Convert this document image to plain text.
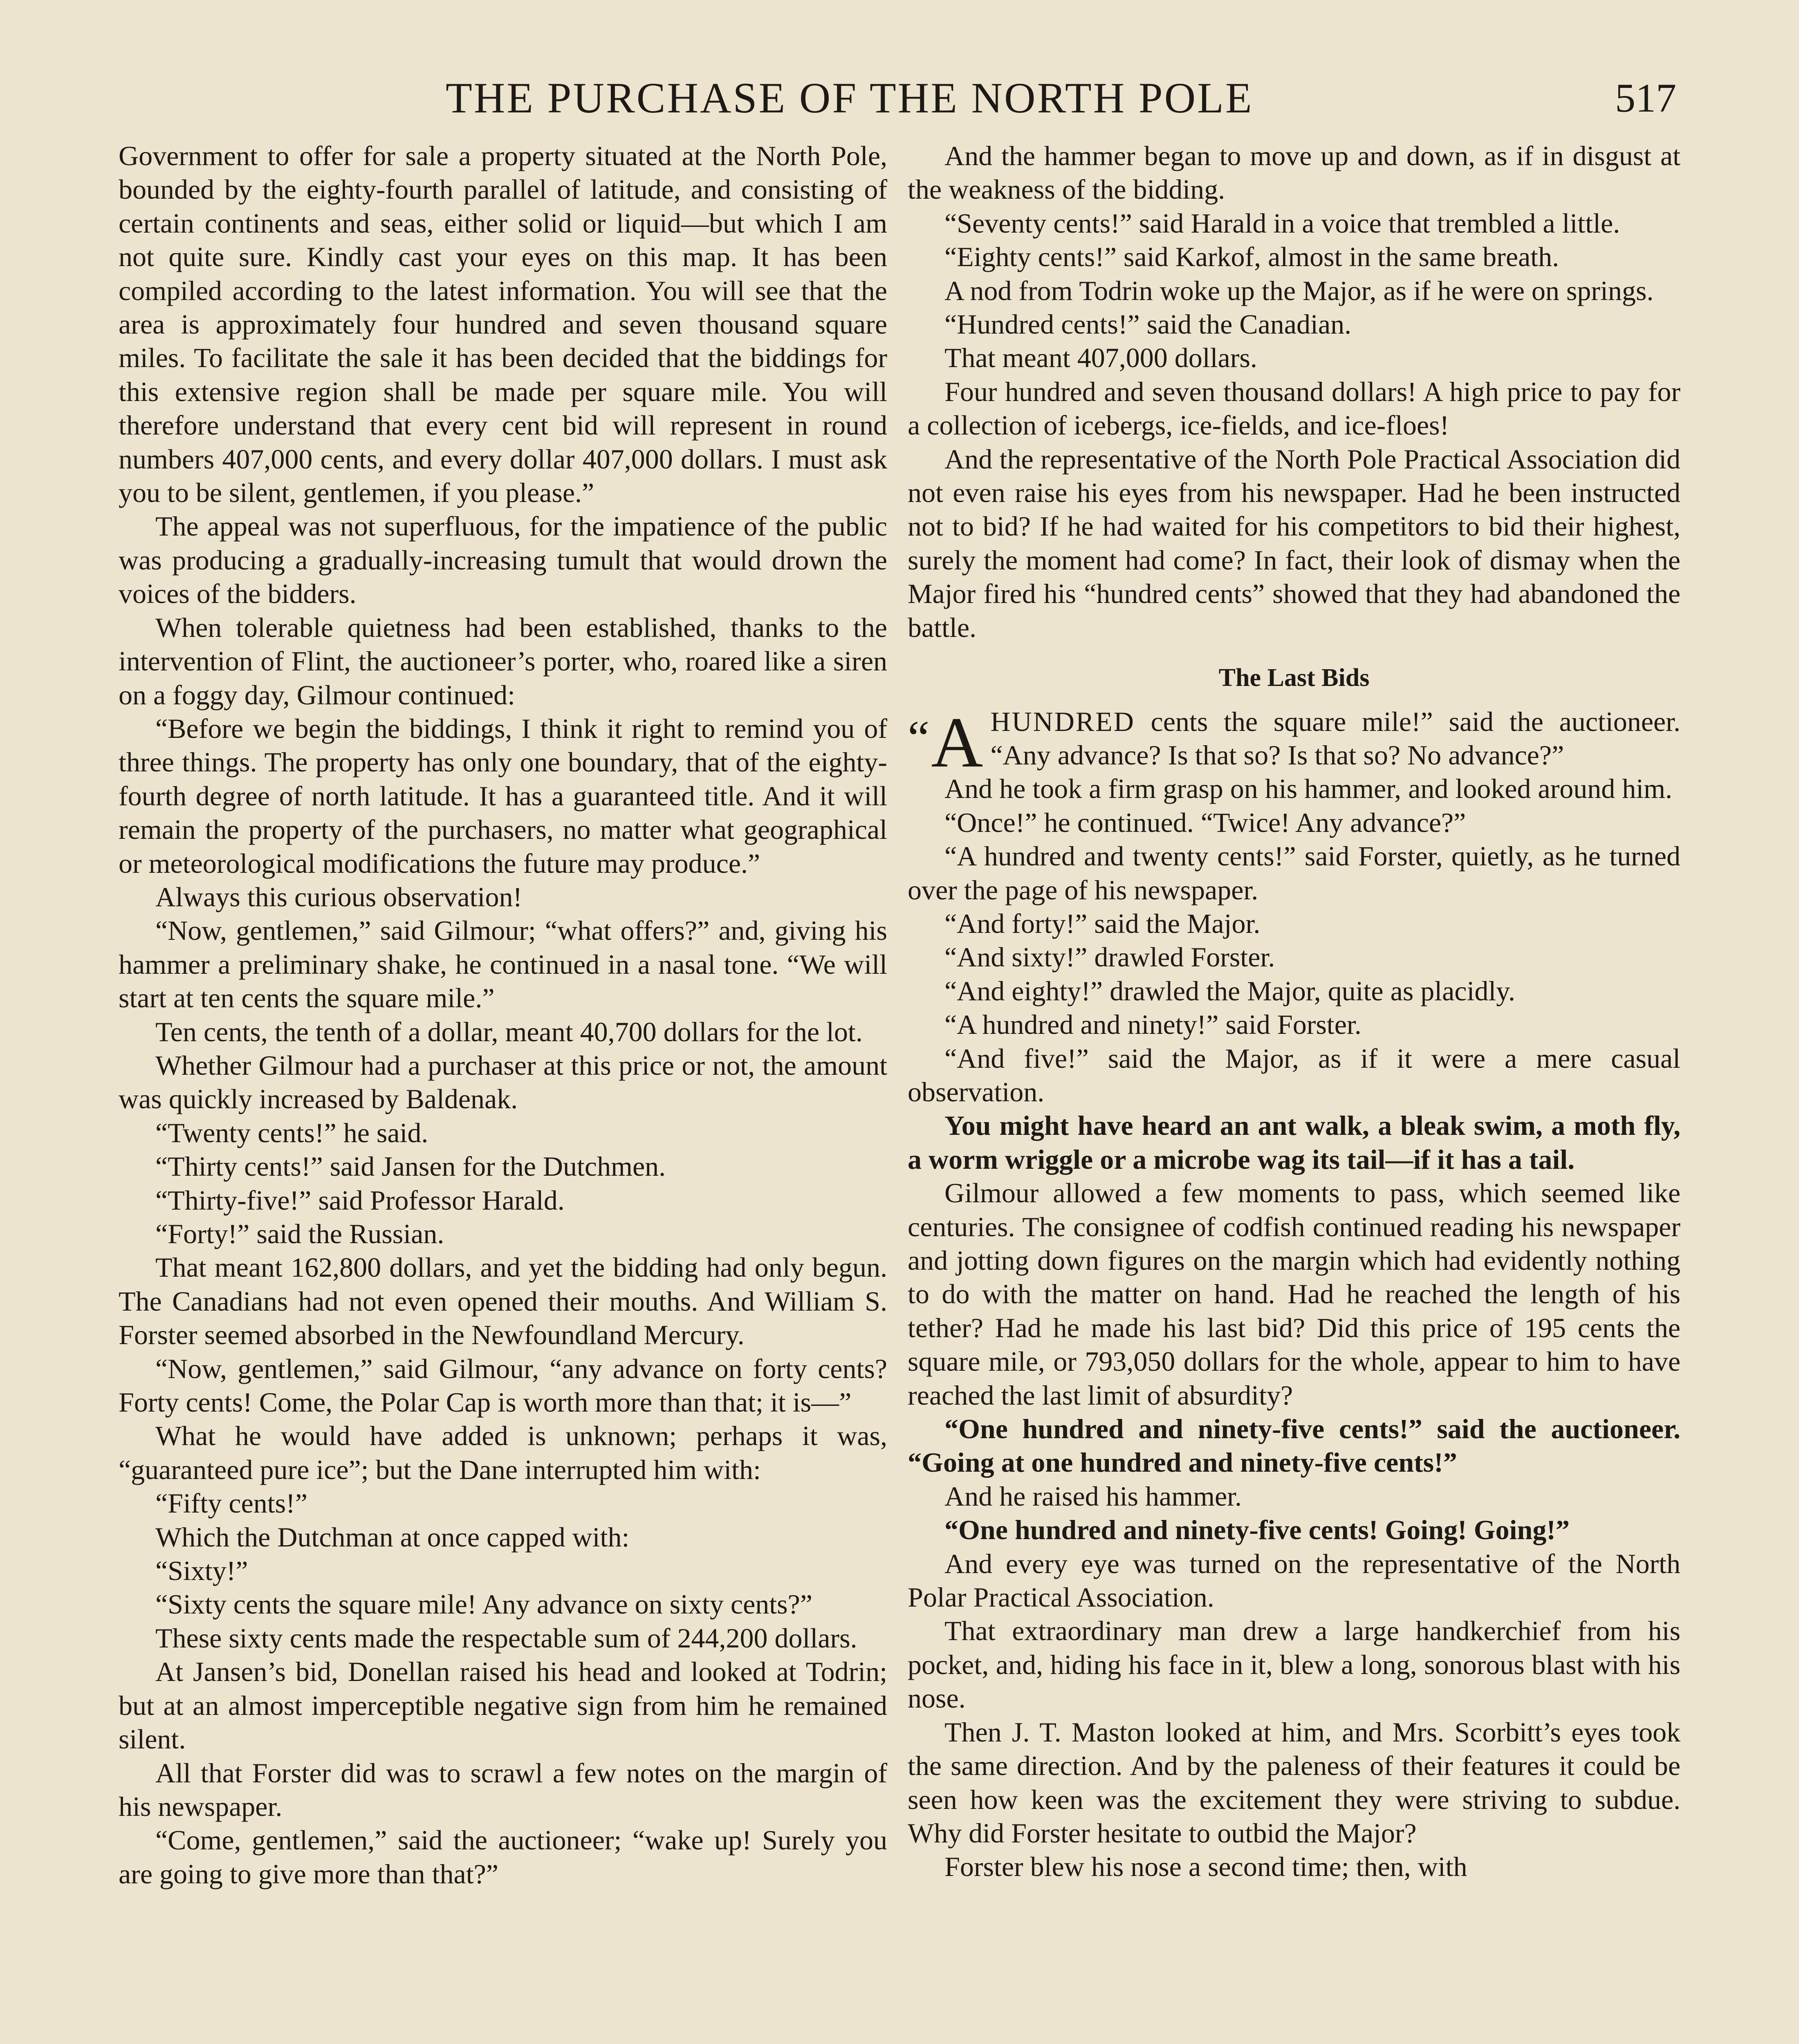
THE PURCHASE OF THE NORTH POLE	517

Government to offer for sale a property situated at the North Pole, bounded by the eighty-fourth parallel of latitude, and consisting of certain continents and seas, either solid or liquid—but which I am not quite sure. Kindly cast your eyes on this map. It has been compiled according to the latest information. You will see that the area is approximately four hundred and seven thousand square miles. To facilitate the sale it has been decided that the biddings for this extensive region shall be made per square mile. You will therefore understand that every cent bid will represent in round numbers 407,000 cents, and every dollar 407,000 dollars. I must ask you to be silent, gentlemen, if you please.”

The appeal was not superfluous, for the impatience of the public was producing a gradually-increasing tumult that would drown the voices of the bidders.

When tolerable quietness had been established, thanks to the intervention of Flint, the auctioneer’s porter, who, roared like a siren on a foggy day, Gilmour continued:

“Before we begin the biddings, I think it right to remind you of three things. The property has only one boundary, that of the eighty-fourth degree of north latitude. It has a guaranteed title. And it will remain the property of the purchasers, no matter what geographical or meteorological modifications the future may produce.”

Always this curious observation!

“Now, gentlemen,” said Gilmour; “what offers?” and, giving his hammer a preliminary shake, he continued in a nasal tone. “We will start at ten cents the square mile.”

Ten cents, the tenth of a dollar, meant 40,700 dollars for the lot.

Whether Gilmour had a purchaser at this price or not, the amount was quickly increased by Baldenak.

“Twenty cents!” he said.

“Thirty cents!” said Jansen for the Dutchmen.

“Thirty-five!” said Professor Harald.

“Forty!” said the Russian.

That meant 162,800 dollars, and yet the bidding had only begun. The Canadians had not even opened their mouths. And William S. Forster seemed absorbed in the Newfoundland Mercury.

“Now, gentlemen,” said Gilmour, “any advance on forty cents? Forty cents! Come, the Polar Cap is worth more than that; it is—”

What he would have added is unknown; perhaps it was, “guaranteed pure ice”; but the Dane interrupted him with:

“Fifty cents!”

Which the Dutchman at once capped with:

“Sixty!”

“Sixty cents the square mile! Any advance on sixty cents?”

These sixty cents made the respectable sum of 244,200 dollars.

At Jansen’s bid, Donellan raised his head and looked at Todrin; but at an almost imperceptible negative sign from him he remained silent.

All that Forster did was to scrawl a few notes on the margin of his newspaper.

“Come, gentlemen,” said the auctioneer; “wake up! Surely you are going to give more than that?”

And the hammer began to move up and down, as if in disgust at the weakness of the bidding.

“Seventy cents!” said Harald in a voice that trembled a little.

“Eighty cents!” said Karkof, almost in the same breath.

A nod from Todrin woke up the Major, as if he were on springs.

“Hundred cents!” said the Canadian.

That meant 407,000 dollars.

Four hundred and seven thousand dollars! A high price to pay for a collection of icebergs, ice-fields, and ice-floes!

And the representative of the North Pole Practical Association did not even raise his eyes from his newspaper. Had he been instructed not to bid? If he had waited for his competitors to bid their highest, surely the moment had come? In fact, their look of dismay when the Major fired his “hundred cents” showed that they had abandoned the battle.

The Last Bids

“A HUNDRED cents the square mile!” said the auctioneer. “Any advance? Is that so? Is that so? No advance?”

And he took a firm grasp on his hammer, and looked around him.

“Once!” he continued. “Twice! Any advance?”

“A hundred and twenty cents!” said Forster, quietly, as he turned over the page of his newspaper.

“And forty!” said the Major.

“And sixty!” drawled Forster.

“And eighty!” drawled the Major, quite as placidly.

“A hundred and ninety!” said Forster.

“And five!” said the Major, as if it were a mere casual observation.

You might have heard an ant walk, a bleak swim, a moth fly, a worm wriggle or a microbe wag its tail—if it has a tail.

Gilmour allowed a few moments to pass, which seemed like centuries. The consignee of codfish continued reading his newspaper and jotting down figures on the margin which had evidently nothing to do with the matter on hand. Had he reached the length of his tether? Had he made his last bid? Did this price of 195 cents the square mile, or 793,050 dollars for the whole, appear to him to have reached the last limit of absurdity?

“One hundred and ninety-five cents!” said the auctioneer. “Going at one hundred and ninety-five cents!”

And he raised his hammer.

“One hundred and ninety-five cents! Going! Going!”

And every eye was turned on the representative of the North Polar Practical Association.

That extraordinary man drew a large handkerchief from his pocket, and, hiding his face in it, blew a long, sonorous blast with his nose.

Then J. T. Maston looked at him, and Mrs. Scorbitt’s eyes took the same direction. And by the paleness of their features it could be seen how keen was the excitement they were striving to subdue. Why did Forster hesitate to outbid the Major?

Forster blew his nose a second time; then, with
